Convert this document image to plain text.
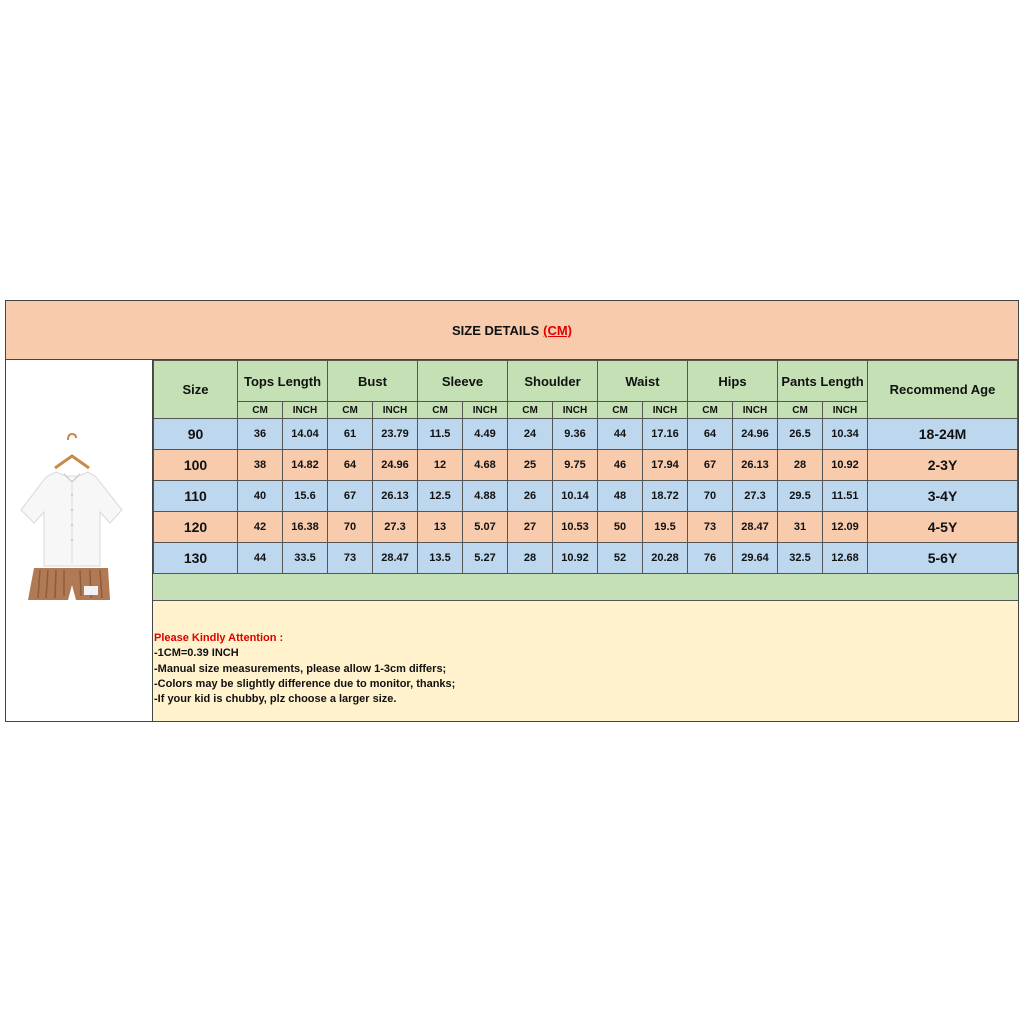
SIZE DETAILS (CM)
Size	Tops Length		Bust		Sleeve		Shoulder		Waist		Hips		Pants Length		Recommend Age
	CM	INCH	CM	INCH	CM	INCH	CM	INCH	CM	INCH	CM	INCH	CM	INCH	
90	36	14.04	61	23.79	11.5	4.49	24	9.36	44	17.16	64	24.96	26.5	10.34	18-24M
100	38	14.82	64	24.96	12	4.68	25	9.75	46	17.94	67	26.13	28	10.92	2-3Y
110	40	15.6	67	26.13	12.5	4.88	26	10.14	48	18.72	70	27.3	29.5	11.51	3-4Y
120	42	16.38	70	27.3	13	5.07	27	10.53	50	19.5	73	28.47	31	12.09	4-5Y
130	44	33.5	73	28.47	13.5	5.27	28	10.92	52	20.28	76	29.64	32.5	12.68	5-6Y
Please Kindly Attention :
-1CM=0.39 INCH
-Manual size measurements, please allow 1-3cm differs;
-Colors may be slightly difference due to monitor, thanks;
-If your kid is chubby, plz choose a larger size.
